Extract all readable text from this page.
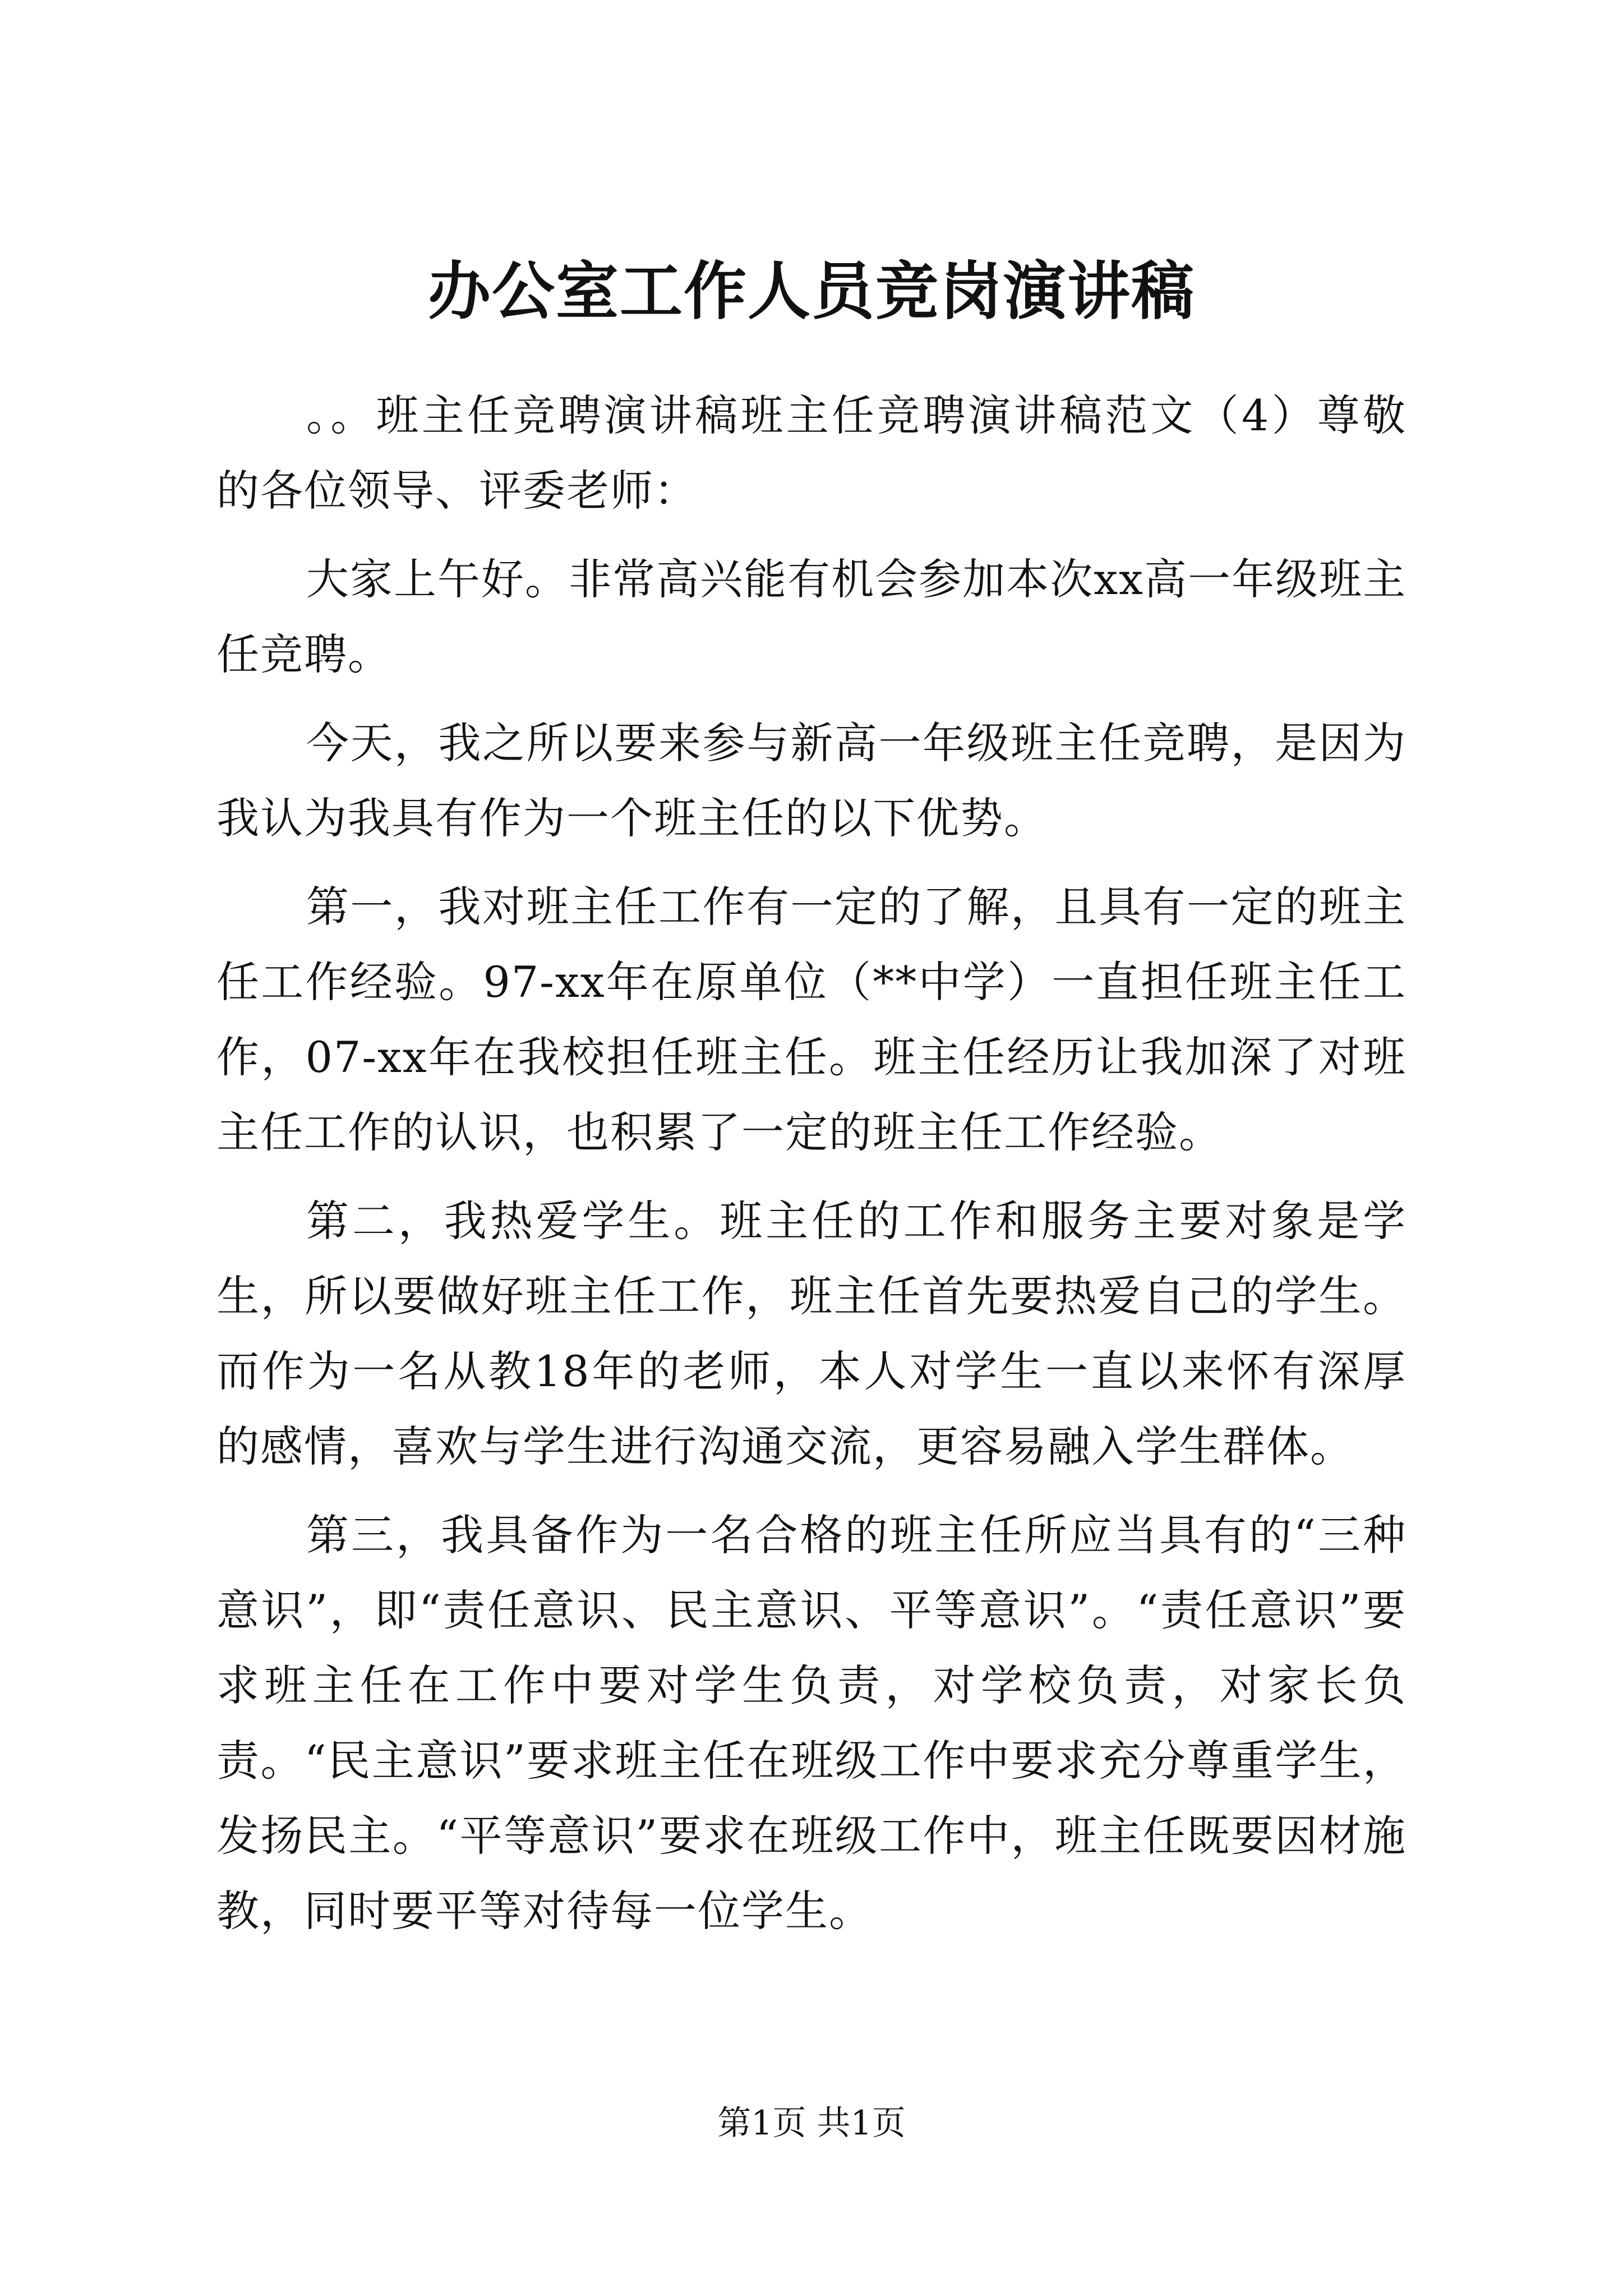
办公室工作人员竞岗演讲稿

。。班主任竞聘演讲稿班主任竞聘演讲稿范文（4）尊敬的各位领导、评委老师：

大家上午好。非常高兴能有机会参加本次xx高一年级班主任竞聘。

今天，我之所以要来参与新高一年级班主任竞聘，是因为我认为我具有作为一个班主任的以下优势。

第一，我对班主任工作有一定的了解，且具有一定的班主任工作经验。97-xx年在原单位（**中学）一直担任班主任工作，07-xx年在我校担任班主任。班主任经历让我加深了对班主任工作的认识，也积累了一定的班主任工作经验。

第二，我热爱学生。班主任的工作和服务主要对象是学生，所以要做好班主任工作，班主任首先要热爱自己的学生。而作为一名从教18年的老师，本人对学生一直以来怀有深厚的感情，喜欢与学生进行沟通交流，更容易融入学生群体。

第三，我具备作为一名合格的班主任所应当具有的“三种意识”，即“责任意识、民主意识、平等意识”。“责任意识”要求班主任在工作中要对学生负责，对学校负责，对家长负责。“民主意识”要求班主任在班级工作中要求充分尊重学生，发扬民主。“平等意识”要求在班级工作中，班主任既要因材施教，同时要平等对待每一位学生。

第1页 共1页
